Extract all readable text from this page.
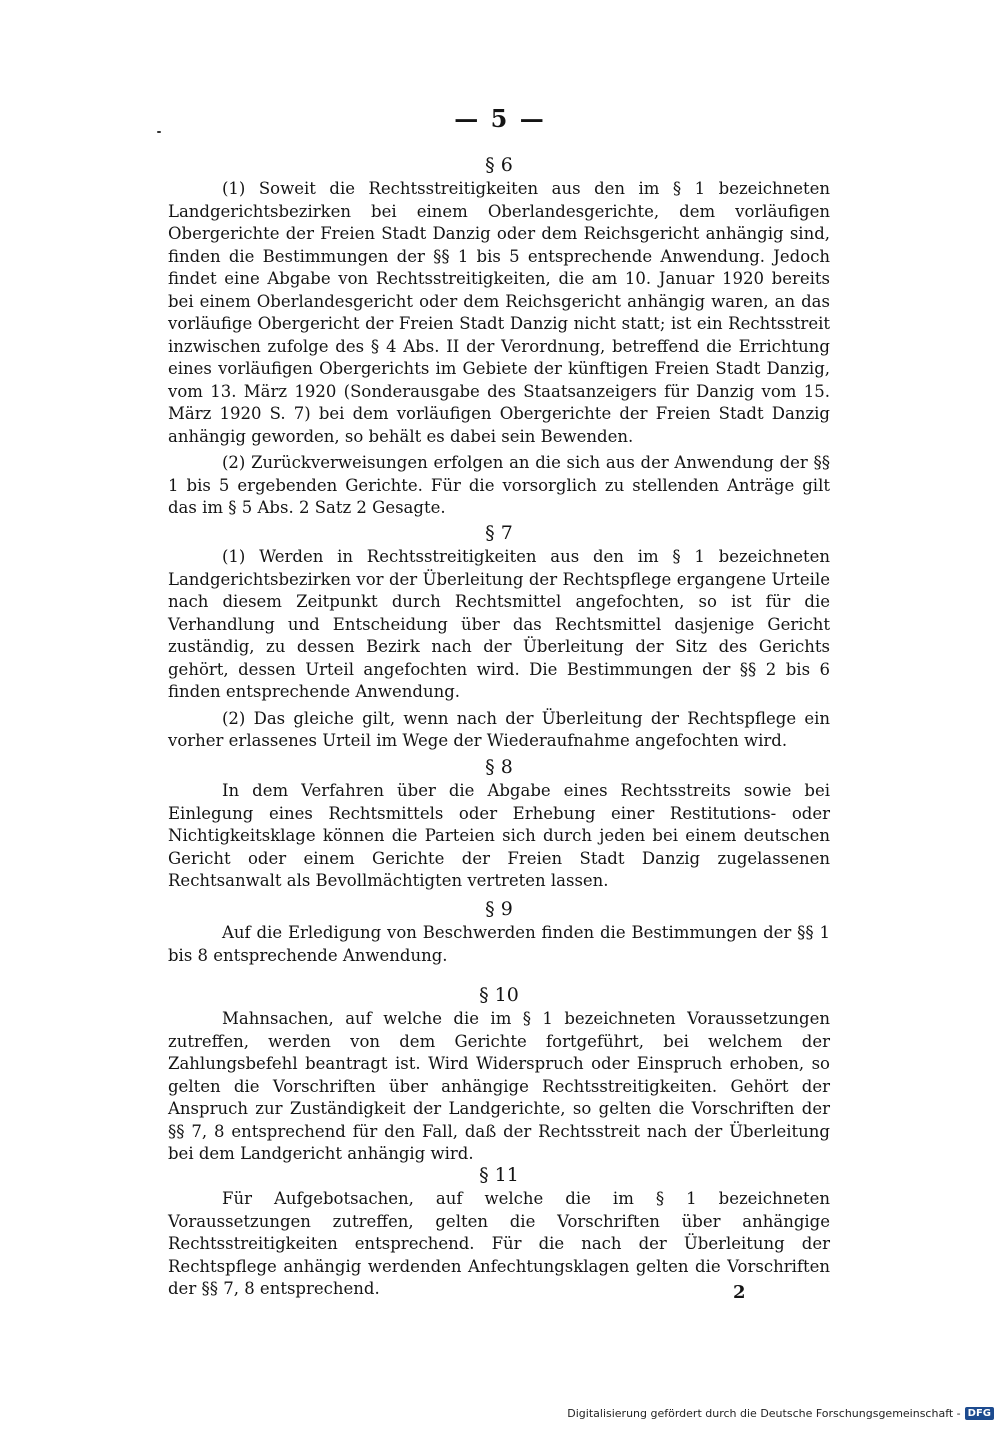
— 5 —

§ 6

(1) Soweit die Rechtsstreitigkeiten aus den im § 1 bezeichneten Landgerichtsbezirken bei einem Oberlandesgerichte, dem vorläufigen Obergerichte der Freien Stadt Danzig oder dem Reichsgericht anhängig sind, finden die Bestimmungen der §§ 1 bis 5 entsprechende Anwendung. Jedoch findet eine Abgabe von Rechtsstreitigkeiten, die am 10. Januar 1920 bereits bei einem Oberlandesgericht oder dem Reichsgericht anhängig waren, an das vorläufige Obergericht der Freien Stadt Danzig nicht statt; ist ein Rechtsstreit inzwischen zufolge des § 4 Abs. II der Verordnung, betreffend die Errichtung eines vorläufigen Obergerichts im Gebiete der künftigen Freien Stadt Danzig, vom 13. März 1920 (Sonderausgabe des Staatsanzeigers für Danzig vom 15. März 1920 S. 7) bei dem vorläufigen Obergerichte der Freien Stadt Danzig anhängig geworden, so behält es dabei sein Bewenden.

(2) Zurückverweisungen erfolgen an die sich aus der Anwendung der §§ 1 bis 5 ergebenden Gerichte. Für die vorsorglich zu stellenden Anträge gilt das im § 5 Abs. 2 Satz 2 Gesagte.

§ 7

(1) Werden in Rechtsstreitigkeiten aus den im § 1 bezeichneten Landgerichtsbezirken vor der Überleitung der Rechtspflege ergangene Urteile nach diesem Zeitpunkt durch Rechtsmittel angefochten, so ist für die Verhandlung und Entscheidung über das Rechtsmittel dasjenige Gericht zuständig, zu dessen Bezirk nach der Überleitung der Sitz des Gerichts gehört, dessen Urteil angefochten wird. Die Bestimmungen der §§ 2 bis 6 finden entsprechende Anwendung.

(2) Das gleiche gilt, wenn nach der Überleitung der Rechtspflege ein vorher erlassenes Urteil im Wege der Wiederaufnahme angefochten wird.

§ 8

In dem Verfahren über die Abgabe eines Rechtsstreits sowie bei Einlegung eines Rechtsmittels oder Erhebung einer Restitutions- oder Nichtigkeitsklage können die Parteien sich durch jeden bei einem deutschen Gericht oder einem Gerichte der Freien Stadt Danzig zugelassenen Rechtsanwalt als Bevollmächtigten vertreten lassen.

§ 9

Auf die Erledigung von Beschwerden finden die Bestimmungen der §§ 1 bis 8 entsprechende Anwendung.

§ 10

Mahnsachen, auf welche die im § 1 bezeichneten Voraussetzungen zutreffen, werden von dem Gerichte fortgeführt, bei welchem der Zahlungsbefehl beantragt ist. Wird Widerspruch oder Einspruch erhoben, so gelten die Vorschriften über anhängige Rechtsstreitigkeiten. Gehört der Anspruch zur Zuständigkeit der Landgerichte, so gelten die Vorschriften der §§ 7, 8 entsprechend für den Fall, daß der Rechtsstreit nach der Überleitung bei dem Landgericht anhängig wird.

§ 11

Für Aufgebotsachen, auf welche die im § 1 bezeichneten Voraussetzungen zutreffen, gelten die Vorschriften über anhängige Rechtsstreitigkeiten entsprechend. Für die nach der Überleitung der Rechtspflege anhängig werdenden Anfechtungsklagen gelten die Vorschriften der §§ 7, 8 entsprechend.	2
Digitalisierung gefördert durch die Deutsche Forschungsgemeinschaft - DFG
